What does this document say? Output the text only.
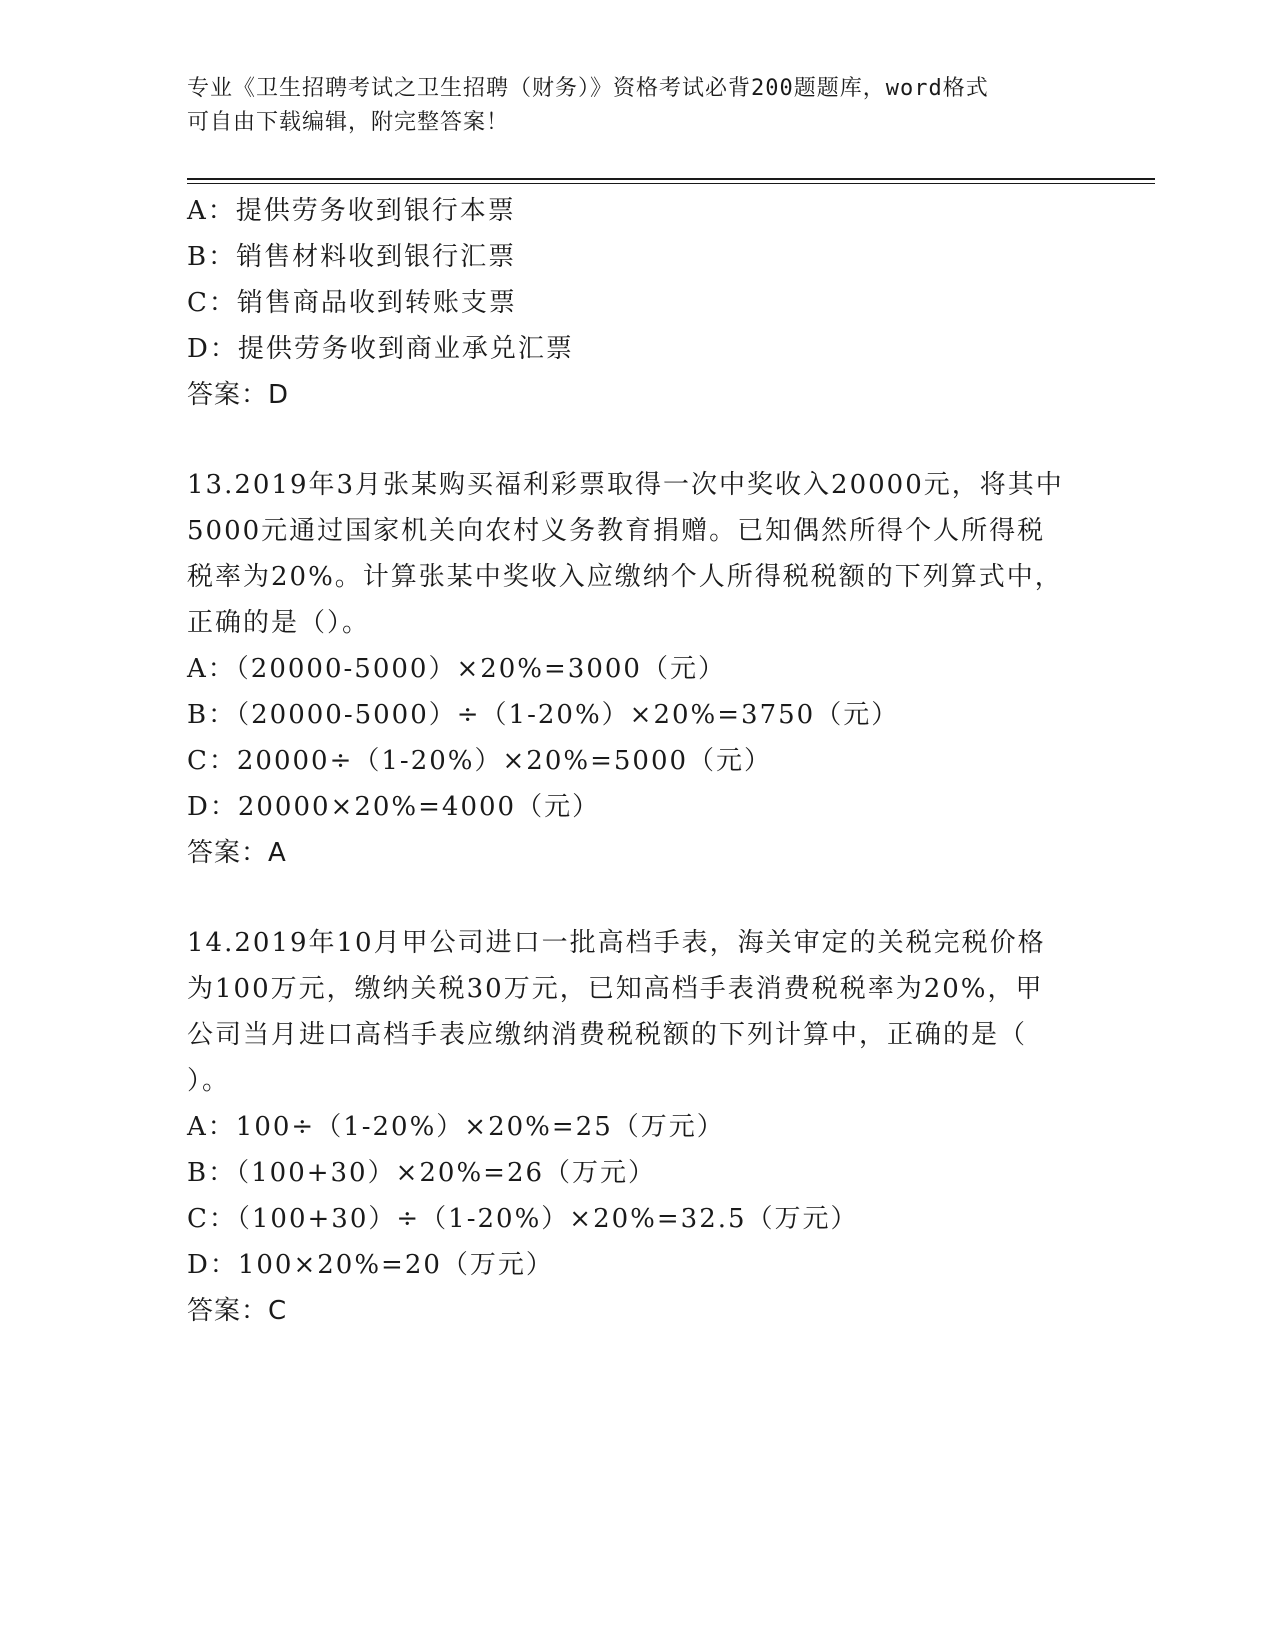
专业《卫生招聘考试之卫生招聘（财务）》资格考试必背200题题库，word格式
可自由下载编辑，附完整答案！
A：提供劳务收到银行本票
B：销售材料收到银行汇票
C：销售商品收到转账支票
D：提供劳务收到商业承兑汇票
答案：D
13.2019年3月张某购买福利彩票取得一次中奖收入20000元，将其中
5000元通过国家机关向农村义务教育捐赠。已知偶然所得个人所得税
税率为20%。计算张某中奖收入应缴纳个人所得税税额的下列算式中，
正确的是（）。
A：（20000-5000）×20%=3000（元）
B：（20000-5000）÷（1-20%）×20%=3750（元）
C：20000÷（1-20%）×20%=5000（元）
D：20000×20%=4000（元）
答案：A
14.2019年10月甲公司进口一批高档手表，海关审定的关税完税价格
为100万元，缴纳关税30万元，已知高档手表消费税税率为20%，甲
公司当月进口高档手表应缴纳消费税税额的下列计算中，正确的是（
）。
A：100÷（1-20%）×20%=25（万元）
B：（100+30）×20%=26（万元）
C：（100+30）÷（1-20%）×20%=32.5（万元）
D：100×20%=20（万元）
答案：C
